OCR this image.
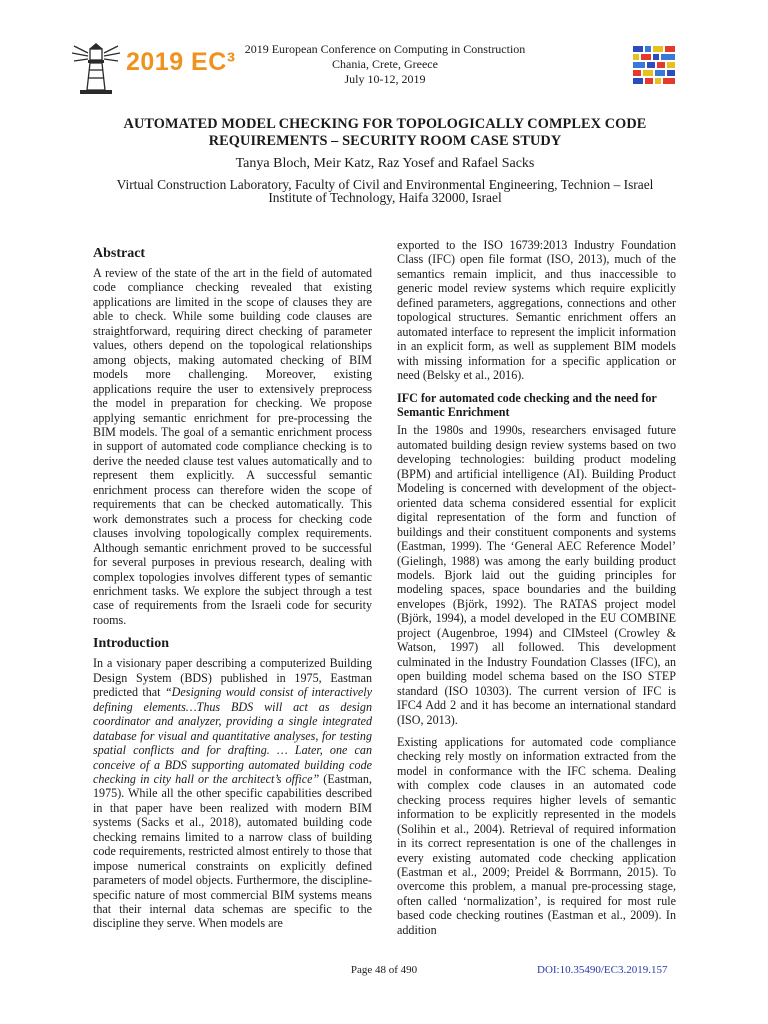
2019 EC³ 2019 European Conference on Computing in Construction
Chania, Crete, Greece
July 10-12, 2019
AUTOMATED MODEL CHECKING FOR TOPOLOGICALLY COMPLEX CODE
REQUIREMENTS – SECURITY ROOM CASE STUDY
Tanya Bloch, Meir Katz, Raz Yosef and Rafael Sacks
Virtual Construction Laboratory, Faculty of Civil and Environmental Engineering, Technion – Israel
Institute of Technology, Haifa 32000, Israel
Abstract

A review of the state of the art in the field of automated code compliance checking revealed that existing applications are limited in the scope of clauses they are able to check. While some building code clauses are straightforward, requiring direct checking of parameter values, others depend on the topological relationships among objects, making automated checking of BIM models more challenging. Moreover, existing applications require the user to extensively preprocess the model in preparation for checking. We propose applying semantic enrichment for pre-processing the BIM models. The goal of a semantic enrichment process in support of automated code compliance checking is to derive the needed clause test values automatically and to represent them explicitly. A successful semantic enrichment process can therefore widen the scope of requirements that can be checked automatically. This work demonstrates such a process for checking code clauses involving topologically complex requirements. Although semantic enrichment proved to be successful for several purposes in previous research, dealing with complex topologies involves different types of semantic enrichment tasks. We explore the subject through a test case of requirements from the Israeli code for security rooms.

Introduction

In a visionary paper describing a computerized Building Design System (BDS) published in 1975, Eastman predicted that “Designing would consist of interactively defining elements…Thus BDS will act as design coordinator and analyzer, providing a single integrated database for visual and quantitative analyses, for testing spatial conflicts and for drafting. … Later, one can conceive of a BDS supporting automated building code checking in city hall or the architect’s office” (Eastman, 1975). While all the other specific capabilities described in that paper have been realized with modern BIM systems (Sacks et al., 2018), automated building code checking remains limited to a narrow class of building code requirements, restricted almost entirely to those that impose numerical constraints on explicitly defined parameters of model objects. Furthermore, the discipline-specific nature of most commercial BIM systems means that their internal data schemas are specific to the discipline they serve. When models are

exported to the ISO 16739:2013 Industry Foundation Class (IFC) open file format (ISO, 2013), much of the semantics remain implicit, and thus inaccessible to generic model review systems which require explicitly defined parameters, aggregations, connections and other topological structures. Semantic enrichment offers an automated interface to represent the implicit information in an explicit form, as well as supplement BIM models with missing information for a specific application or need (Belsky et al., 2016).

IFC for automated code checking and the need for Semantic Enrichment

In the 1980s and 1990s, researchers envisaged future automated building design review systems based on two developing technologies: building product modeling (BPM) and artificial intelligence (AI). Building Product Modeling is concerned with development of the object-oriented data schema considered essential for explicit digital representation of the form and function of buildings and their constituent components and systems (Eastman, 1999). The ‘General AEC Reference Model’ (Gielingh, 1988) was among the early building product models. Bjork laid out the guiding principles for modeling spaces, space boundaries and the building envelopes (Björk, 1992). The RATAS project model (Björk, 1994), a model developed in the EU COMBINE project (Augenbroe, 1994) and CIMsteel (Crowley & Watson, 1997) all followed. This development culminated in the Industry Foundation Classes (IFC), an open building model schema based on the ISO STEP standard (ISO 10303). The current version of IFC is IFC4 Add 2 and it has become an international standard (ISO, 2013).

Existing applications for automated code compliance checking rely mostly on information extracted from the model in conformance with the IFC schema. Dealing with complex code clauses in an automated code checking process requires higher levels of semantic information to be explicitly represented in the models (Solihin et al., 2004). Retrieval of required information in its correct representation is one of the challenges in every existing automated code checking application (Eastman et al., 2009; Preidel & Borrmann, 2015). To overcome this problem, a manual pre-processing stage, often called ‘normalization’, is required for most rule based code checking routines (Eastman et al., 2009). In addition

Page 48 of 490	DOI:10.35490/EC3.2019.157
